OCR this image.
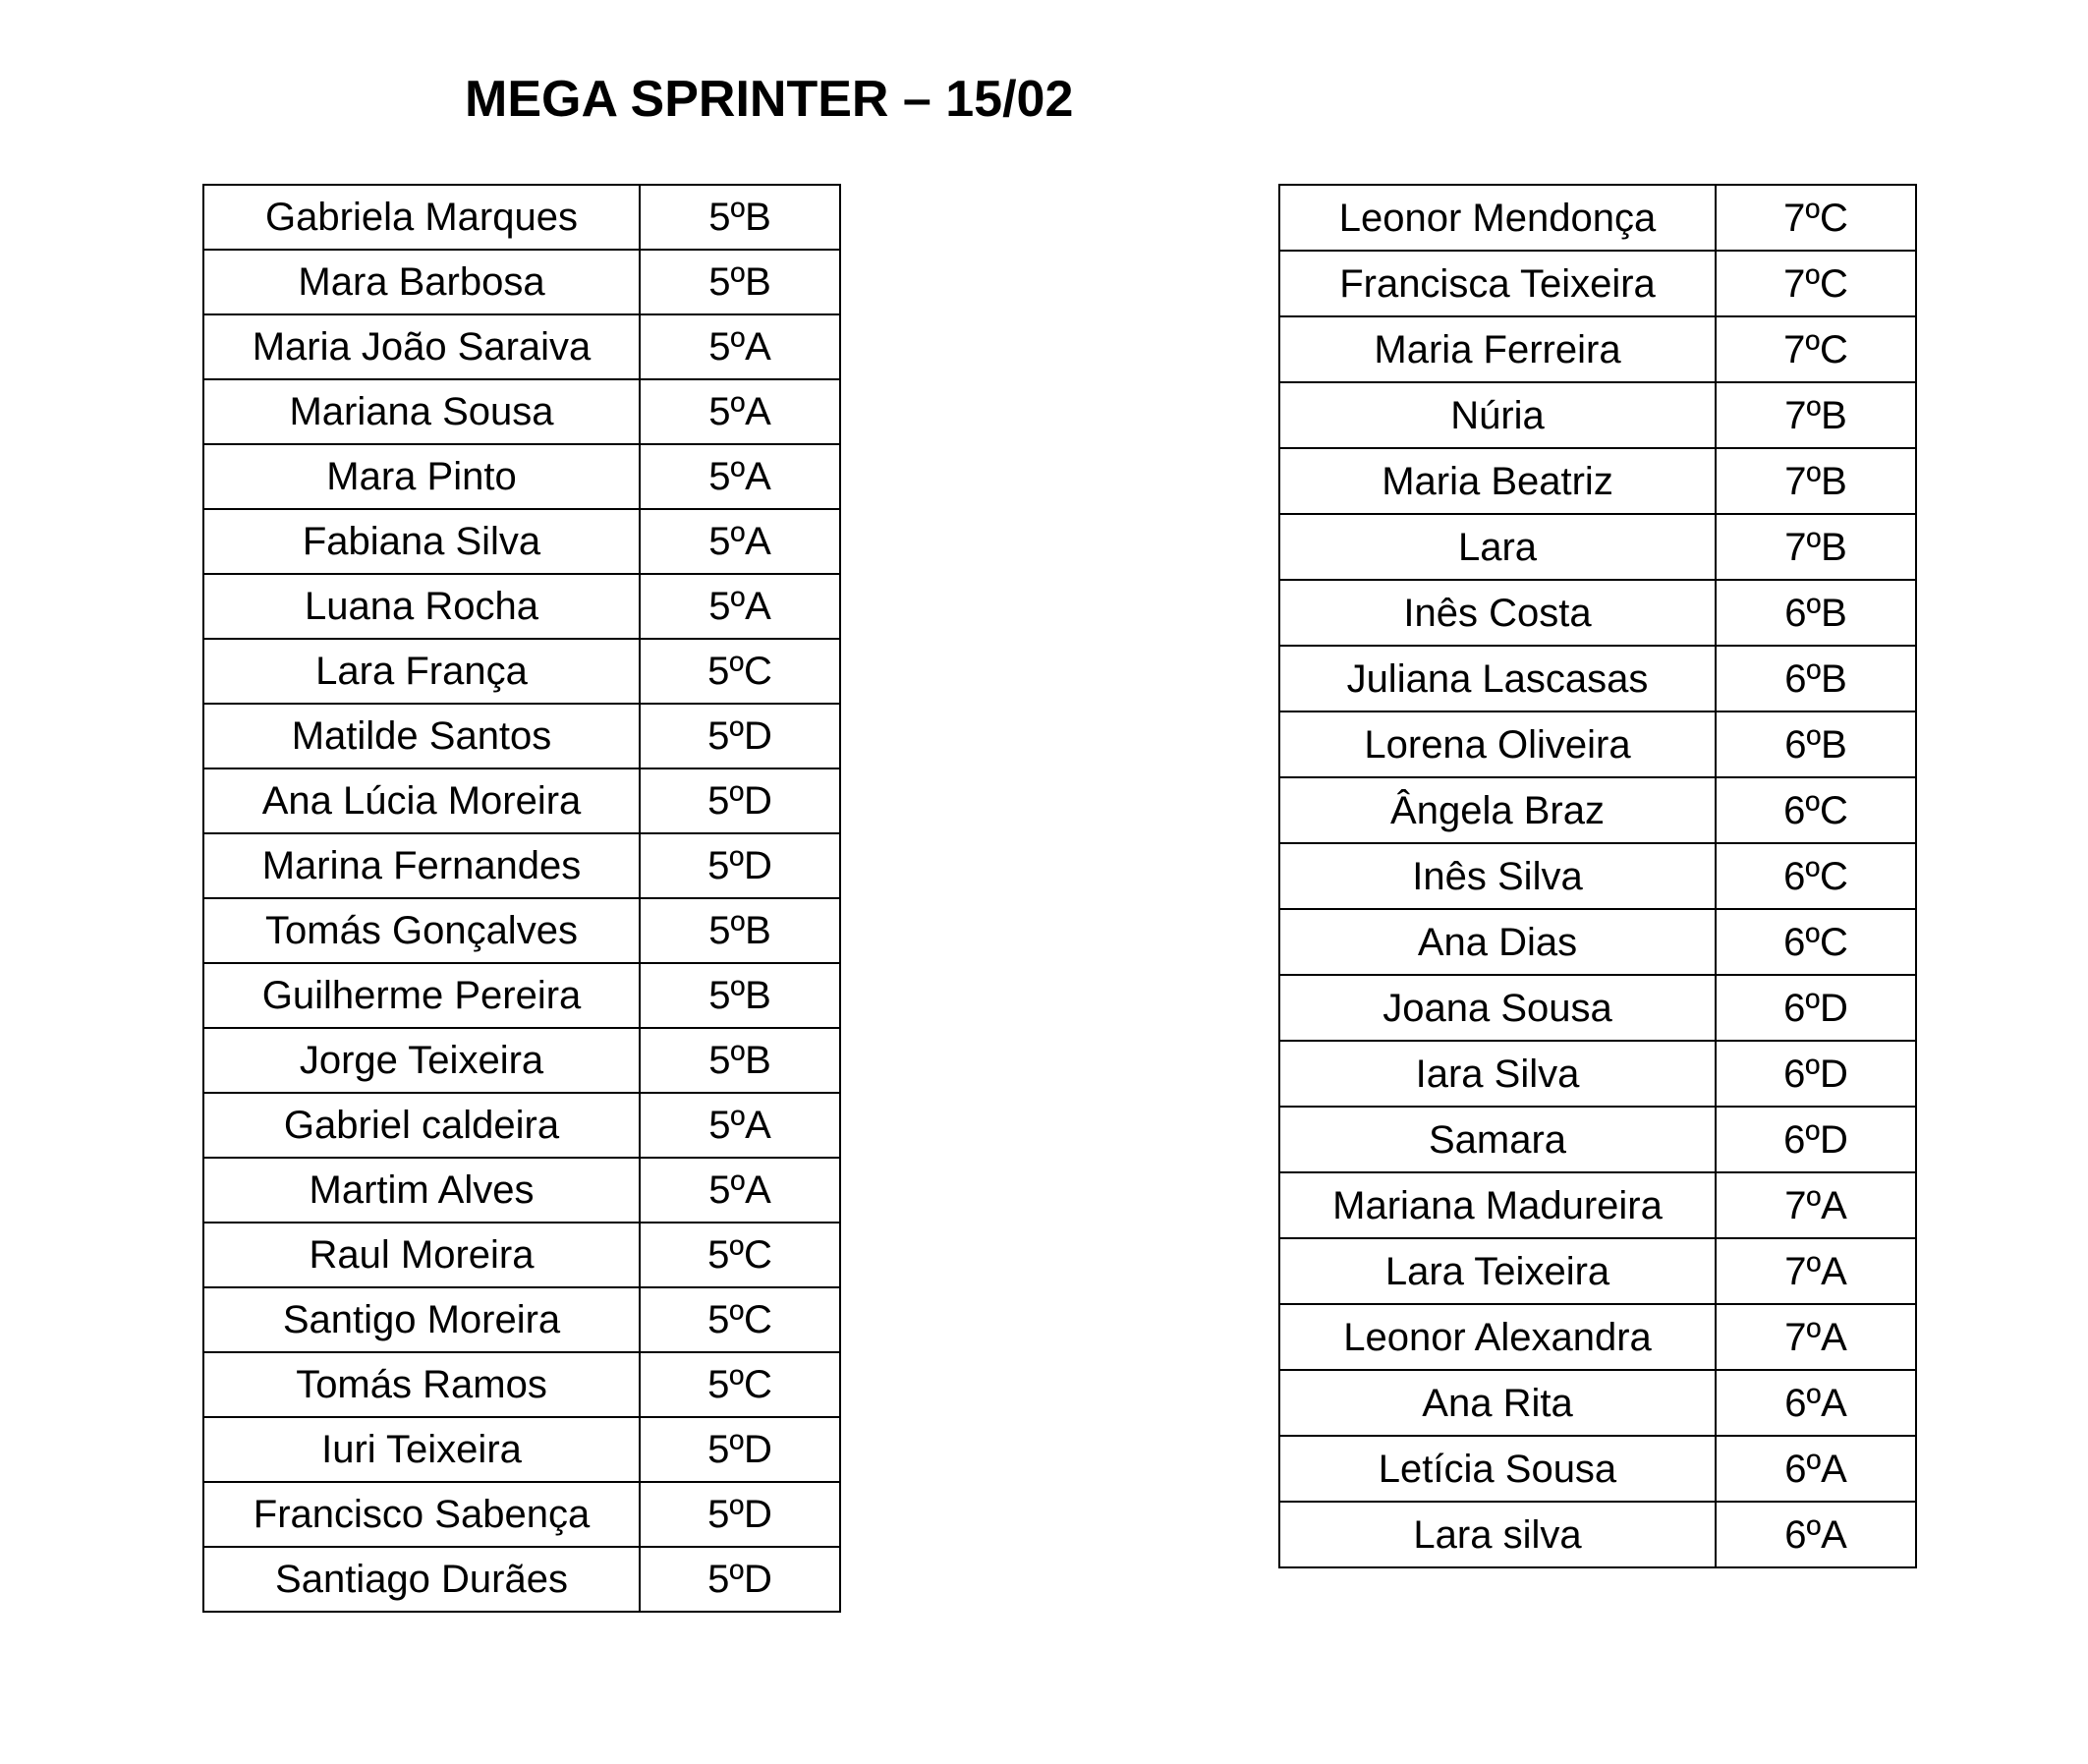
MEGA SPRINTER – 15/02
Gabriela Marques	5ºB
Mara Barbosa	5ºB
Maria João Saraiva	5ºA
Mariana Sousa	5ºA
Mara Pinto	5ºA
Fabiana Silva	5ºA
Luana Rocha	5ºA
Lara França	5ºC
Matilde Santos	5ºD
Ana Lúcia Moreira	5ºD
Marina Fernandes	5ºD
Tomás Gonçalves	5ºB
Guilherme Pereira	5ºB
Jorge Teixeira	5ºB
Gabriel caldeira	5ºA
Martim Alves	5ºA
Raul Moreira	5ºC
Santigo Moreira	5ºC
Tomás Ramos	5ºC
Iuri Teixeira	5ºD
Francisco Sabença	5ºD
Santiago Durães	5ºD
Leonor Mendonça	7ºC
Francisca Teixeira	7ºC
Maria Ferreira	7ºC
Núria	7ºB
Maria Beatriz	7ºB
Lara	7ºB
Inês Costa	6ºB
Juliana Lascasas	6ºB
Lorena Oliveira	6ºB
Ângela Braz	6ºC
Inês Silva	6ºC
Ana Dias	6ºC
Joana Sousa	6ºD
Iara Silva	6ºD
Samara	6ºD
Mariana Madureira	7ºA
Lara Teixeira	7ºA
Leonor Alexandra	7ºA
Ana Rita	6ºA
Letícia Sousa	6ºA
Lara silva	6ºA
